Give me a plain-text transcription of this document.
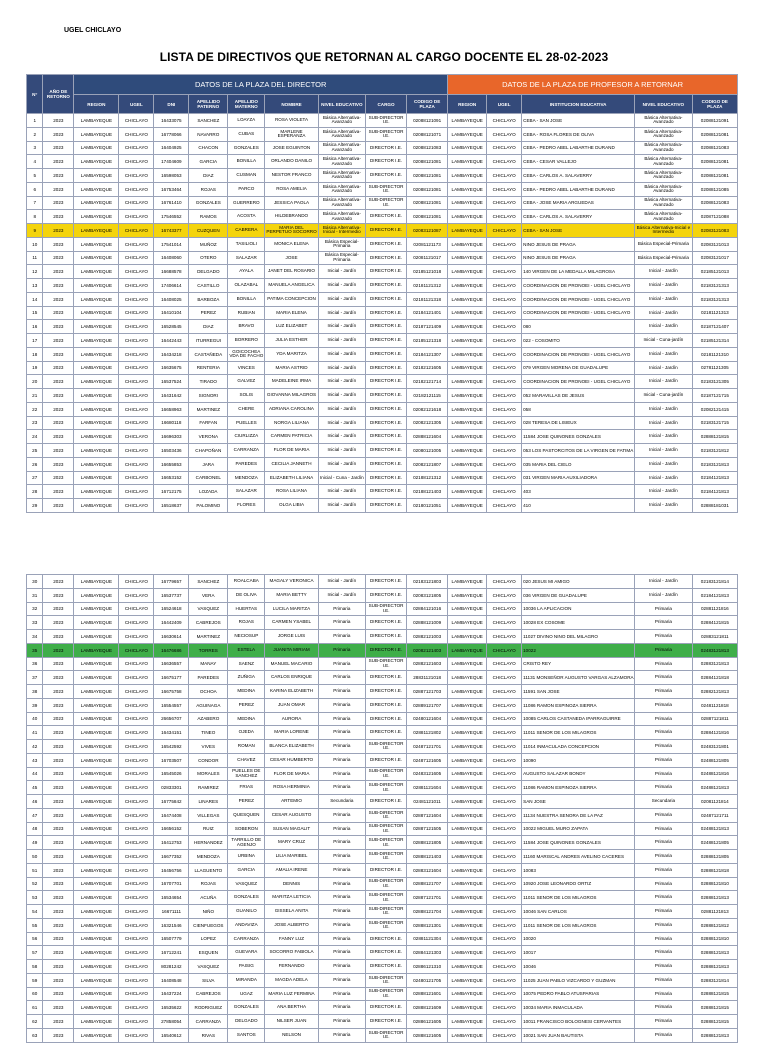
UGEL CHICLAYO
LISTA DE DIRECTIVOS QUE RETORNAN AL CARGO DOCENTE EL 28-02-2023
N°	AÑO DE RETORNO	DATOS DE LA PLAZA DEL DIRECTOR									DATOS DE LA PLAZA DE PROFESOR A RETORNAR				
		REGION	UGEL	DNI	APELLIDO PATERNO	APELLIDO MATERNO	NOMBRE	NIVEL EDUCATIVO	CARGO	CODIGO DE PLAZA	REGION	UGEL	INSTITUCION EDUCATIVA	NIVEL EDUCATIVO	CODIGO DE PLAZA
1	2023	LAMBAYEQUE	CHICLAYO	16433075	SANCHEZ	LOAYZA	ROSA VIOLETA	Básica Alternativa-Avanzado	SUB-DIRECTOR I.E.	02088121091	LAMBAYEQUE	CHICLAYO	CEBA - SAN JOSE	Básica Alternativa-Avanzado	02088121091
2	2023	LAMBAYEQUE	CHICLAYO	16778066	NAVARRO	CUBAS	MARLENE ESPERANZA	Básica Alternativa-Avanzado	SUB-DIRECTOR I.E.	02088121071	LAMBAYEQUE	CHICLAYO	CEBA - ROSA FLORES DE OLIVA	Básica Alternativa-Avanzado	02088121081
3	2023	LAMBAYEQUE	CHICLAYO	16404925	CHACON	GONZALES	JOSE EGUINTON	Básica Alternativa-Avanzado	DIRECTOR I.E.	02088121083	LAMBAYEQUE	CHICLAYO	CEBA - PEDRO ABEL LABARTHE DURAND	Básica Alternativa-Avanzado	02088121083
4	2023	LAMBAYEQUE	CHICLAYO	17404609	GARCIA	BONILLA	ORLANDO DANILO	Básica Alternativa-Avanzado	DIRECTOR I.E.	02088121081	LAMBAYEQUE	CHICLAYO	CEBA - CESAR VALLEJO	Básica Alternativa-Avanzado	02088121081
5	2023	LAMBAYEQUE	CHICLAYO	16598053	DIAZ	CUSMAN	NESTOR FRANCO	Básica Alternativa-Avanzado	DIRECTOR I.E.	02088121081	LAMBAYEQUE	CHICLAYO	CEBA - CARLOS A. SALAVERRY	Básica Alternativa-Avanzado	02088121081
6	2023	LAMBAYEQUE	CHICLAYO	16753464	ROJAS	PARCO	ROSA AMELIA	Básica Alternativa-Avanzado	SUB-DIRECTOR I.E.	02088121081	LAMBAYEQUE	CHICLAYO	CEBA - PEDRO ABEL LABARTHE DURAND	Básica Alternativa-Avanzado	02088121085
7	2023	LAMBAYEQUE	CHICLAYO	16761410	GONZALES	GUERRERO	JESSICA PAOLA	Básica Alternativa-Avanzado	SUB-DIRECTOR I.E.	02088121081	LAMBAYEQUE	CHICLAYO	CEBA - JOSE MARIA ARGUEDAS	Básica Alternativa-Avanzado	02088121083
8	2023	LAMBAYEQUE	CHICLAYO	17546552	RAMOS	ACOSTA	HILDEBRANDO	Básica Alternativa-Avanzado	DIRECTOR I.E.	02088121081	LAMBAYEQUE	CHICLAYO	CEBA - CARLOS A. SALAVERRY	Básica Alternativa-Avanzado	02087121088
9	2023	LAMBAYEQUE	CHICLAYO	16743377	CUZQUEN	CABRERA	MARIA DEL PERPETUO SOCORRO	Básica Alternativa-Inicial - Intermedio	DIRECTOR I.E.	02083121087	LAMBAYEQUE	CHICLAYO	CEBA - SAN JOSE	Básica Alternativa-Inicial e Intermedio	02083121083
10	2023	LAMBAYEQUE	CHICLAYO	17541014	MUÑOZ	TASILIOLI	MONICA ELENA	Básica Especial-Primaria	DIRECTOR I.E.	02081121173	LAMBAYEQUE	CHICLAYO	NINO JESUS DE PRAGA	Básica Especial-Primaria	02083121013
11	2023	LAMBAYEQUE	CHICLAYO	16408060	OTERO	SALAZAR	JOSE	Básica Especial-Primaria	DIRECTOR I.E.	02081121017	LAMBAYEQUE	CHICLAYO	NINO JESUS DE PRAGA	Básica Especial-Primaria	02083121017
12	2023	LAMBAYEQUE	CHICLAYO	16688578	DELGADO	AYALA	JANET DEL ROSARIO	Inicial - Jardín	DIRECTOR I.E.	02185121018	LAMBAYEQUE	CHICLAYO	140 VIRGEN DE LA MEDALLA MILAGROSA	Inicial - Jardín	02185121013
13	2023	LAMBAYEQUE	CHICLAYO	17406614	CASTILLO	OLAZABAL	MANUELA ANGELICA	Inicial - Jardín	DIRECTOR I.E.	02181121312	LAMBAYEQUE	CHICLAYO	COORDINACION DE PRONOEI - UGEL CHICLAYO	Inicial - Jardín	02183121313
14	2023	LAMBAYEQUE	CHICLAYO	16408025	BARBOZA	BONILLA	PATIMA CONCEPCION	Inicial - Jardín	DIRECTOR I.E.	02181121318	LAMBAYEQUE	CHICLAYO	COORDINACION DE PRONOEI - UGEL CHICLAYO	Inicial - Jardín	02183121313
15	2023	LAMBAYEQUE	CHICLAYO	16410104	PEREZ	RUBIAN	MARIA ELENA	Inicial - Jardín	DIRECTOR I.E.	02184121401	LAMBAYEQUE	CHICLAYO	COORDINACION DE PRONOEI - UGEL CHICLAYO	Inicial - Jardín	02181121313
16	2023	LAMBAYEQUE	CHICLAYO	16528545	DIAZ	BRAVO	LUZ ELIZABET	Inicial - Jardín	DIRECTOR I.E.	02187121409	LAMBAYEQUE	CHICLAYO	080	Inicial - Jardín	02187121407
17	2023	LAMBAYEQUE	CHICLAYO	16442443	ITURREGUI	BORRERO	JULIA ESTHER	Inicial - Jardín	DIRECTOR I.E.	02185121318	LAMBAYEQUE	CHICLAYO	022 - COSOMITO	Inicial - Cuna-jardín	02185121314
18	2023	LAMBAYEQUE	CHICLAYO	16434218	CASTAÑEDA	GOICOCHEA VDA DE FACHO	YDA MARITZA	Inicial - Jardín	DIRECTOR I.E.	02184121307	LAMBAYEQUE	CHICLAYO	COORDINACION DE PRONOEI - UGEL CHICLAYO	Inicial - Jardín	02181121310
19	2023	LAMBAYEQUE	CHICLAYO	16635675	RENTERIA	VINCES	MARIA ASTRID	Inicial - Jardín	DIRECTOR I.E.	02182121605	LAMBAYEQUE	CHICLAYO	079 VIRGEN MORENA DE GUADALUPE	Inicial - Jardín	02781121305
20	2023	LAMBAYEQUE	CHICLAYO	16537524	TIRADO	GALVEZ	MADELEINE IRMA	Inicial - Jardín	DIRECTOR I.E.	02182121714	LAMBAYEQUE	CHICLAYO	COORDINACION DE PRONOEI - UGEL CHICLAYO	Inicial - Jardín	02183121305
21	2023	LAMBAYEQUE	CHICLAYO	16431642	SIGNORI	SOLIS	GIOVANNA MILAGROS	Inicial - Jardín	DIRECTOR I.E.	02182121115	LAMBAYEQUE	CHICLAYO	052 MARAVILLAS DE JESUS	Inicial - Cuna-jardín	02187121715
22	2023	LAMBAYEQUE	CHICLAYO	16658963	MARTINEZ	CHERE	ADRIANA CAROLINA	Inicial - Jardín	DIRECTOR I.E.	02082121618	LAMBAYEQUE	CHICLAYO	058	Inicial - Jardín	02082121415
23	2023	LAMBAYEQUE	CHICLAYO	16680118	FARFAN	PUELLES	NORGA LILIANA	Inicial - Jardín	DIRECTOR I.E.	02082121305	LAMBAYEQUE	CHICLAYO	028 TERESA DE LISIEUX	Inicial - Jardín	02183121715
24	2023	LAMBAYEQUE	CHICLAYO	16696303	VERONA	CIURLIZZA	CARMEN PATRICIA	Inicial - Jardín	DIRECTOR I.E.	02888121604	LAMBAYEQUE	CHICLAYO	11584 JOSE QUINONES GONZALES	Inicial - Jardín	02888121815
25	2023	LAMBAYEQUE	CHICLAYO	16503436	CHAPOÑAN	CARRANZA	FLOR DE MARIA	Inicial - Jardín	DIRECTOR I.E.	02080121005	LAMBAYEQUE	CHICLAYO	053 LOS PASTORCITOS DE LA VIRGEN DE FATIMA	Inicial - Jardín	02183121812
26	2023	LAMBAYEQUE	CHICLAYO	16655853	JARA	PAREDES	CECILIA JANNETH	Inicial - Jardín	DIRECTOR I.E.	02082121807	LAMBAYEQUE	CHICLAYO	035 MARIA DEL CIELO	Inicial - Jardín	02183121813
27	2023	LAMBAYEQUE	CHICLAYO	16653152	CARBONEL	MENDOZA	ELIZABETH LILIANA	Inicial - Cuna - Jardín	DIRECTOR I.E.	02188121312	LAMBAYEQUE	CHICLAYO	031 VIRGEN MARIA AUXILIADORA	Inicial - Jardín	02184121813
28	2023	LAMBAYEQUE	CHICLAYO	16712175	LOZADA	SALAZAR	ROSA LILIANA	Inicial - Jardín	DIRECTOR I.E.	02188121403	LAMBAYEQUE	CHICLAYO	403	Inicial - Jardín	02184121813
29	2023	LAMBAYEQUE	CHICLAYO	16518637	PALOMINO	FLORES	OLGA LIBIA	Inicial - Jardín	DIRECTOR I.E.	02180121051	LAMBAYEQUE	CHICLAYO	410	Inicial - Jardín	02888181031
30	2023	LAMBAYEQUE	CHICLAYO	16779657	SANCHEZ	ROALCABA	MAGALY VERONICA	Inicial - Jardín	DIRECTOR I.E.	02183121803	LAMBAYEQUE	CHICLAYO	020 JESUS MI AMIGO	Inicial - Jardín	02183121814
31	2023	LAMBAYEQUE	CHICLAYO	16537737	VERA	DE OLIVA	MARIA BETTY	Inicial - Jardín	DIRECTOR I.E.	02083121805	LAMBAYEQUE	CHICLAYO	036 VIRGEN DE GUADALUPE	Inicial - Jardín	02184121813
32	2023	LAMBAYEQUE	CHICLAYO	16524618	VASQUEZ	HUERTAS	LUCILA MARITZA	Primaria	SUB-DIRECTOR I.E.	02884121016	LAMBAYEQUE	CHICLAYO	10036 LA APLICACION	Primaria	02881121816
33	2023	LAMBAYEQUE	CHICLAYO	16442409	CABREJOS	ROJAS	CARMEN YSABEL	Primaria	DIRECTOR I.E.	02888121009	LAMBAYEQUE	CHICLAYO	10028 EX COSOME	Primaria	02884121815
34	2023	LAMBAYEQUE	CHICLAYO	16630614	MARTINEZ	NECIOSUP	JORGE LUIS	Primaria	DIRECTOR I.E.	02882121003	LAMBAYEQUE	CHICLAYO	11027 DIVINO NINO DEL MILAGRO	Primaria	02883121811
35	2023	LAMBAYEQUE	CHICLAYO	16476686	TORRES	ESTELA	JUANITA MIRIAM	Primaria	DIRECTOR I.E.	02082121403	LAMBAYEQUE	CHICLAYO	10022	Primaria	02483121813
36	2023	LAMBAYEQUE	CHICLAYO	16636557	MANAY	SAENZ	MANUEL MACARIO	Primaria	SUB-DIRECTOR I.E.	02882121603	LAMBAYEQUE	CHICLAYO	CRISTO REY	Primaria	02883121813
37	2023	LAMBAYEQUE	CHICLAYO	16675177	PAREDES	ZUÑIGA	CARLOS ENRIQUE	Primaria	DIRECTOR I.E.	28831121018	LAMBAYEQUE	CHICLAYO	11131 MONSEÑOR AUGUSTO VARGAS ALZAMORA	Primaria	02884121818
38	2023	LAMBAYEQUE	CHICLAYO	16675758	OCHOA	MEDINA	KARINA ELIZABETH	Primaria	DIRECTOR I.E.	02887121703	LAMBAYEQUE	CHICLAYO	11591 SAN JOSE	Primaria	02882121813
39	2023	LAMBAYEQUE	CHICLAYO	16554557	AGUINAGA	PEREZ	JUAN OMAR	Primaria	DIRECTOR I.E.	02889121707	LAMBAYEQUE	CHICLAYO	11086 RAMON ESPINOZA SIERRA	Primaria	02481121818
40	2023	LAMBAYEQUE	CHICLAYO	26656707	AZABERO	MEDINA	AURORA	Primaria	DIRECTOR I.E.	02480121604	LAMBAYEQUE	CHICLAYO	10085 CARLOS CASTANEDA IPARRAGUIRRE	Primaria	02887121811
41	2023	LAMBAYEQUE	CHICLAYO	16434151	TINEO	OJEDA	MARIA LORENE	Primaria	DIRECTOR I.E.	02881121802	LAMBAYEQUE	CHICLAYO	11011 SENOR DE LOS MILAGROS	Primaria	02884121816
42	2023	LAMBAYEQUE	CHICLAYO	16542592	VIVES	ROMAN	BLANCA ELIZABETH	Primaria	SUB-DIRECTOR I.E.	02487121701	LAMBAYEQUE	CHICLAYO	11014 INMACULADA CONCEPCION	Primaria	02483121801
43	2023	LAMBAYEQUE	CHICLAYO	16703507	CONDOR	CHAVEZ	CESAR HUMBERTO	Primaria	DIRECTOR I.E.	02487121605	LAMBAYEQUE	CHICLAYO	10090	Primaria	02488121805
44	2023	LAMBAYEQUE	CHICLAYO	16545026	MORALES	PUELLES DE SANCHEZ	FLOR DE MARIA	Primaria	SUB-DIRECTOR I.E.	02483121605	LAMBAYEQUE	CHICLAYO	AUGUSTO SALAZAR BONDY	Primaria	02488121816
45	2023	LAMBAYEQUE	CHICLAYO	02833301	RAMIREZ	FRIAS	ROSA HERMINIA	Primaria	SUB-DIRECTOR I.E.	02881121604	LAMBAYEQUE	CHICLAYO	11086 RAMON ESPINOZA SIERRA	Primaria	02488121813
46	2023	LAMBAYEQUE	CHICLAYO	16775842	LINARES	PEREZ	ARTEMIO	Secundaria	DIRECTOR I.E.	02481121011	LAMBAYEQUE	CHICLAYO	SAN JOSE	Secundaria	02081121814
47	2023	LAMBAYEQUE	CHICLAYO	16474408	VILLEGAS	QUESQUEN	CESAR AUGUSTO	Primaria	SUB-DIRECTOR I.E.	02887121604	LAMBAYEQUE	CHICLAYO	11134 NUESTRA SENORA DE LA PAZ	Primaria	02487121711
48	2023	LAMBAYEQUE	CHICLAYO	16656152	RUIZ	SOBERON	SUSAN MAGALIT	Primaria	SUB-DIRECTOR I.E.	02887121505	LAMBAYEQUE	CHICLAYO	10022 MIGUEL MURO ZAPATA	Primaria	02488121813
49	2023	LAMBAYEQUE	CHICLAYO	16412753	HERNANDEZ	TARRILLO DE AGENJO	MARY CRUZ	Primaria	SUB-DIRECTOR I.E.	02888121805	LAMBAYEQUE	CHICLAYO	11584 JOSE QUINONES GONZALES	Primaria	02488121805
50	2023	LAMBAYEQUE	CHICLAYO	16677352	MENDOZA	URBINA	LILIA MARIBEL	Primaria	SUB-DIRECTOR I.E.	02888121403	LAMBAYEQUE	CHICLAYO	11160 MARISCAL ANDRES AVELINO CACERES	Primaria	02888121805
51	2023	LAMBAYEQUE	CHICLAYO	16456756	LLAGUENTO	GARCIA	AMALIA IRENE	Primaria	DIRECTOR I.E.	02883121604	LAMBAYEQUE	CHICLAYO	10083	Primaria	02888121818
52	2023	LAMBAYEQUE	CHICLAYO	16707701	ROJAS	VASQUEZ	DENNIS	Primaria	SUB-DIRECTOR I.E.	02888121707	LAMBAYEQUE	CHICLAYO	10920 JOSE LEONARDO ORTIZ	Primaria	02888121810
53	2023	LAMBAYEQUE	CHICLAYO	16534654	ACUÑA	GONZALES	MARITZA LETICIA	Primaria	SUB-DIRECTOR I.E.	02887121701	LAMBAYEQUE	CHICLAYO	11011 SENOR DE LOS MILAGROS	Primaria	02888121813
54	2023	LAMBAYEQUE	CHICLAYO	16671111	NIÑO	GUANILO	GISSELA ANITA	Primaria	SUB-DIRECTOR I.E.	02888121704	LAMBAYEQUE	CHICLAYO	10046 SAN CARLOS	Primaria	02881121813
55	2023	LAMBAYEQUE	CHICLAYO	16321546	CIENFUEGOS	ANDAVIZA	JOSE ALBERTO	Primaria	SUB-DIRECTOR I.E.	02888121301	LAMBAYEQUE	CHICLAYO	11011 SENOR DE LOS MILAGROS	Primaria	02888121812
56	2023	LAMBAYEQUE	CHICLAYO	16507779	LOPEZ	CARRANZA	FANNY LUZ	Primaria	DIRECTOR I.E.	02881121304	LAMBAYEQUE	CHICLAYO	10020	Primaria	02888121810
57	2023	LAMBAYEQUE	CHICLAYO	16712241	ESQUEN	GUEVARA	SOCORRO FABIOLA	Primaria	DIRECTOR I.E.	02884121303	LAMBAYEQUE	CHICLAYO	10017	Primaria	02888121813
58	2023	LAMBAYEQUE	CHICLAYO	80281242	VASQUEZ	PAISIG	FERNANDO	Primaria	DIRECTOR I.E.	02886121310	LAMBAYEQUE	CHICLAYO	10046	Primaria	02888121813
59	2023	LAMBAYEQUE	CHICLAYO	16408548	SILVA	MIRANDA	MAGDA ADELA	Primaria	SUB-DIRECTOR I.E.	02480121705	LAMBAYEQUE	CHICLAYO	11025 JUAN PABLO VIZCARDO Y GUZMAN	Primaria	02883121814
60	2023	LAMBAYEQUE	CHICLAYO	16437224	CABREJOS	UGAZ	MARIA LUZ FERMINA	Primaria	SUB-DIRECTOR I.E.	02888121601	LAMBAYEQUE	CHICLAYO	10075 PEDRO PABLO ATUSPARIAS	Primaria	02888121815
61	2023	LAMBAYEQUE	CHICLAYO	16535622	RODRIGUEZ	GONZALES	ANA BERTHA	Primaria	DIRECTOR I.E.	02888121609	LAMBAYEQUE	CHICLAYO	10034 MARIA INMACULADA	Primaria	02888121815
62	2023	LAMBAYEQUE	CHICLAYO	27858054	CARRANZA	DELGADO	NILSER JUAN	Primaria	DIRECTOR I.E.	02886121605	LAMBAYEQUE	CHICLAYO	10011 FRANCISCO BOLOGNESI CERVANTES	Primaria	02888121815
63	2023	LAMBAYEQUE	CHICLAYO	16540612	RIVAS	SANTOS	NELSON	Primaria	SUB-DIRECTOR I.E.	02888121605	LAMBAYEQUE	CHICLAYO	10021 SAN JUAN BAUTISTA	Primaria	02888121813
